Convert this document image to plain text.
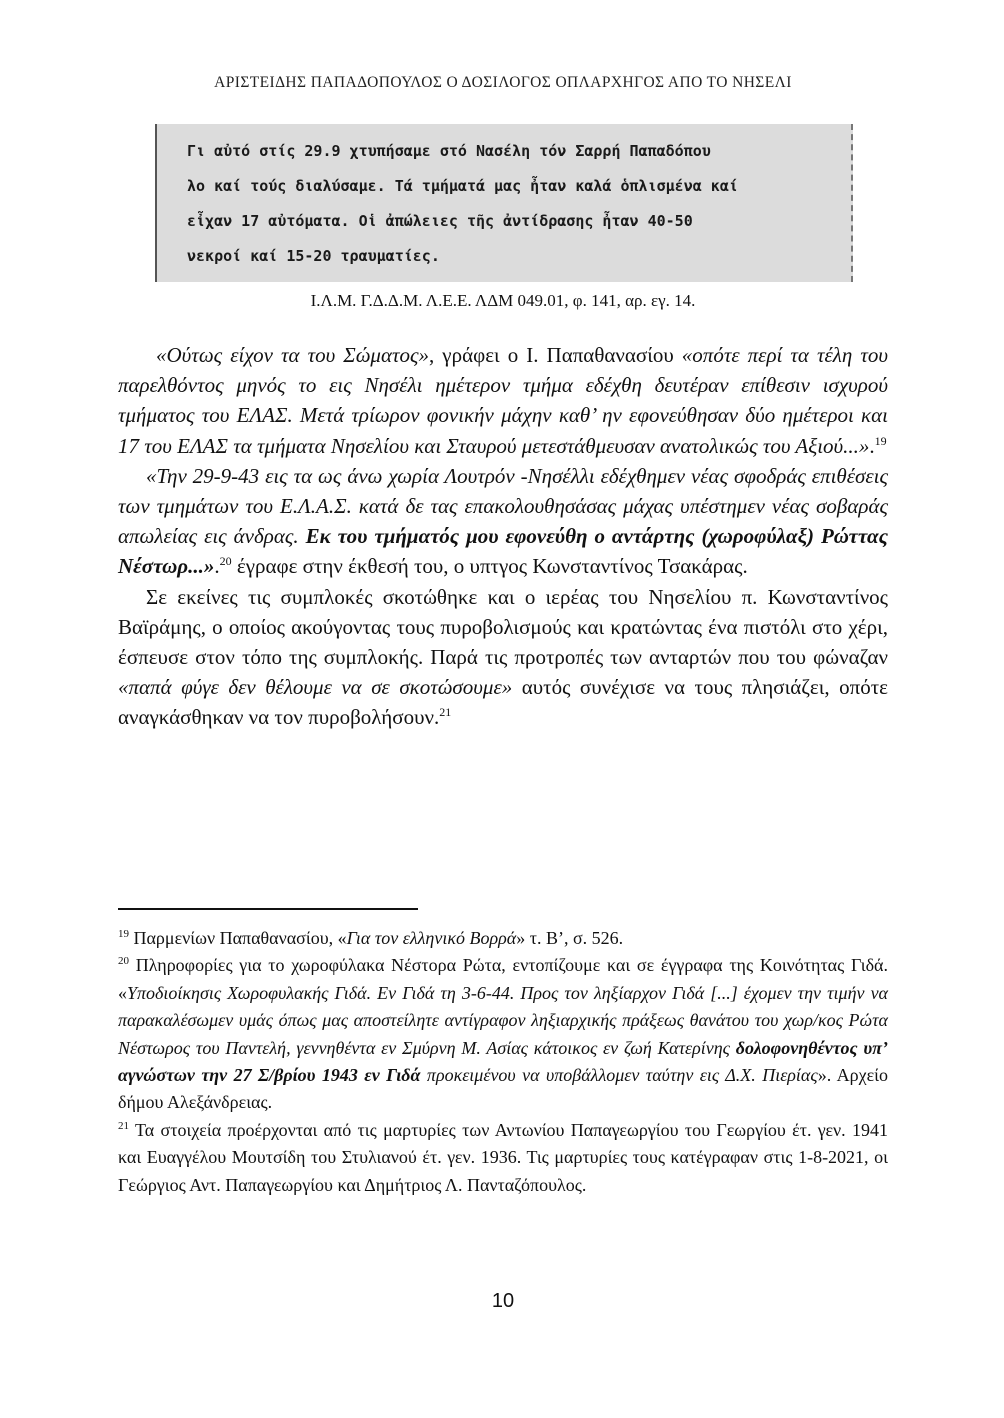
ΑΡΙΣΤΕΙΔΗΣ ΠΑΠΑΔΟΠΟΥΛΟΣ Ο ΔΟΣΙΛΟΓΟΣ ΟΠΛΑΡΧΗΓΟΣ ΑΠΟ ΤΟ ΝΗΣΕΛΙ
Γι αὐτό στίς 29.9 χτυπήσαμε στό Νασέλη τόν Σαρρή Παπαδόπου
λο καί τούς διαλύσαμε. Τά τμήματά μας ἦταν καλά ὁπλισμένα καί
εἶχαν 17 αὐτόματα. Οἱ ἀπώλειες τῆς ἀντίδρασης ἦταν 40-50
νεκροί καί 15-20 τραυματίες.
Ι.Λ.Μ. Γ.Δ.Δ.Μ. Λ.Ε.Ε. ΛΔΜ 049.01, φ. 141, αρ. εγ. 14.

«Ούτως είχον τα του Σώματος», γράφει ο Ι. Παπαθανασίου «οπότε περί τα τέλη του παρελθόντος μηνός το εις Νησέλι ημέτερον τμήμα εδέχθη δευτέραν επίθεσιν ισχυρού τμήματος του ΕΛΑΣ. Μετά τρίωρον φονικήν μάχην καθ’ ην εφονεύθησαν δύο ημέτεροι και 17 του ΕΛΑΣ τα τμήματα Νησελίου και Σταυρού μετεστάθμευσαν ανατολικώς του Αξιού...».$^{19}$

«Την 29-9-43 εις τα ως άνω χωρία Λουτρόν -Νησέλλι εδέχθημεν νέας σφοδράς επιθέσεις των τμημάτων του Ε.Λ.Α.Σ. κατά δε τας επακολουθησάσας μάχας υπέστημεν νέας σοβαράς απωλείας εις άνδρας. Εκ του τμήματός μου εφονεύθη ο αντάρτης (χωροφύλαξ) Ρώττας Νέστωρ...».$^{20}$ έγραφε στην έκθεσή του, ο υπτγος Κωνσταντίνος Τσακάρας.

Σε εκείνες τις συμπλοκές σκοτώθηκε και ο ιερέας του Νησελίου π. Κωνσταντίνος Βαϊράμης, ο οποίος ακούγοντας τους πυροβολισμούς και κρατώντας ένα πιστόλι στο χέρι, έσπευσε στον τόπο της συμπλοκής. Παρά τις προτροπές των ανταρτών που του φώναζαν «παπά φύγε δεν θέλουμε να σε σκοτώσουμε» αυτός συνέχισε να τους πλησιάζει, οπότε αναγκάσθηκαν να τον πυροβολήσουν.$^{21}$

$^{19}$ Παρμενίων Παπαθανασίου, «Για τον ελληνικό Βορρά» τ. Β’, σ. 526.

$^{20}$ Πληροφορίες για το χωροφύλακα Νέστορα Ρώτα, εντοπίζουμε και σε έγγραφα της Κοινότητας Γιδά. «Υποδιοίκησις Χωροφυλακής Γιδά. Εν Γιδά τη 3-6-44. Προς τον ληξίαρχον Γιδά [...] έχομεν την τιμήν να παρακαλέσωμεν υμάς όπως μας αποστείλητε αντίγραφον ληξιαρχικής πράξεως θανάτου του χωρ/κος Ρώτα Νέστωρος του Παντελή, γεννηθέντα εν Σμύρνη Μ. Ασίας κάτοικος εν ζωή Κατερίνης δολοφονηθέντος υπ’ αγνώστων την 27 Σ/βρίου 1943 εν Γιδά προκειμένου να υποβάλλομεν ταύτην εις Δ.Χ. Πιερίας». Αρχείο δήμου Αλεξάνδρειας.

$^{21}$ Τα στοιχεία προέρχονται από τις μαρτυρίες των Αντωνίου Παπαγεωργίου του Γεωργίου έτ. γεν. 1941 και Ευαγγέλου Μουτσίδη του Στυλιανού έτ. γεν. 1936. Τις μαρτυρίες τους κατέγραφαν στις 1-8-2021, οι Γεώργιος Αντ. Παπαγεωργίου και Δημήτριος Λ. Πανταζόπουλος.

10
